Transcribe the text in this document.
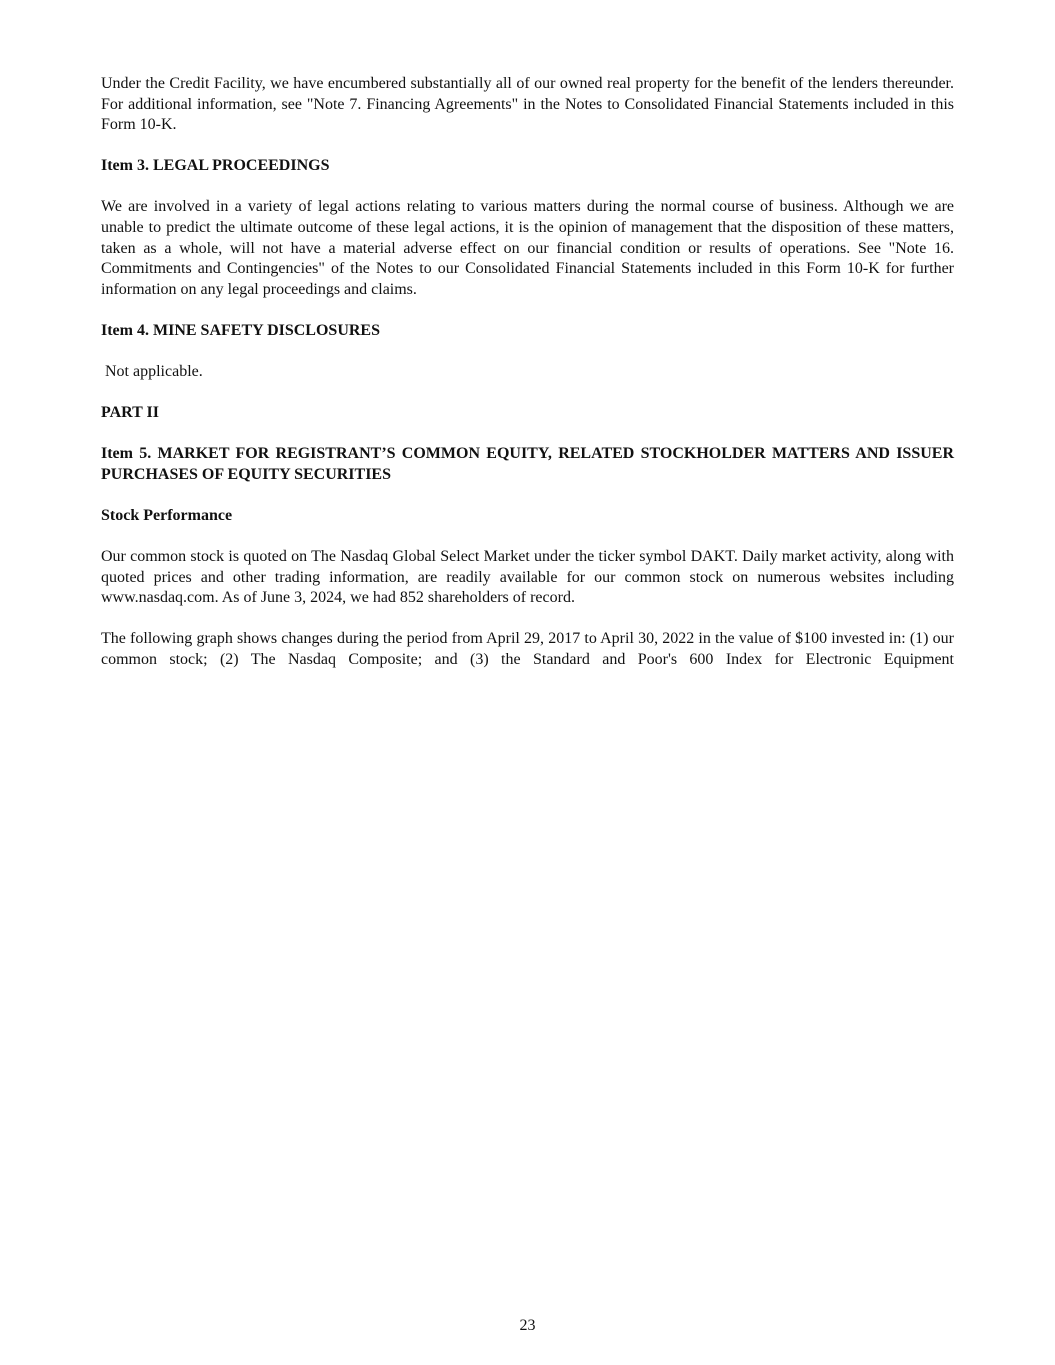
Under the Credit Facility, we have encumbered substantially all of our owned real property for the benefit of the lenders thereunder. For additional information, see "Note 7. Financing Agreements" in the Notes to Consolidated Financial Statements included in this Form 10-K.

Item 3. LEGAL PROCEEDINGS

We are involved in a variety of legal actions relating to various matters during the normal course of business. Although we are unable to predict the ultimate outcome of these legal actions, it is the opinion of management that the disposition of these matters, taken as a whole, will not have a material adverse effect on our financial condition or results of operations. See "Note 16. Commitments and Contingencies" of the Notes to our Consolidated Financial Statements included in this Form 10-K for further information on any legal proceedings and claims.

Item 4. MINE SAFETY DISCLOSURES

Not applicable.

PART II

Item 5. MARKET FOR REGISTRANT’S COMMON EQUITY, RELATED STOCKHOLDER MATTERS AND ISSUER PURCHASES OF EQUITY SECURITIES

Stock Performance

Our common stock is quoted on The Nasdaq Global Select Market under the ticker symbol DAKT. Daily market activity, along with quoted prices and other trading information, are readily available for our common stock on numerous websites including www.nasdaq.com. As of June 3, 2024, we had 852 shareholders of record.

The following graph shows changes during the period from April 29, 2017 to April 30, 2022 in the value of $100 invested in: (1) our common stock; (2) The Nasdaq Composite; and (3) the Standard and Poor's 600 Index for Electronic Equipment

23
